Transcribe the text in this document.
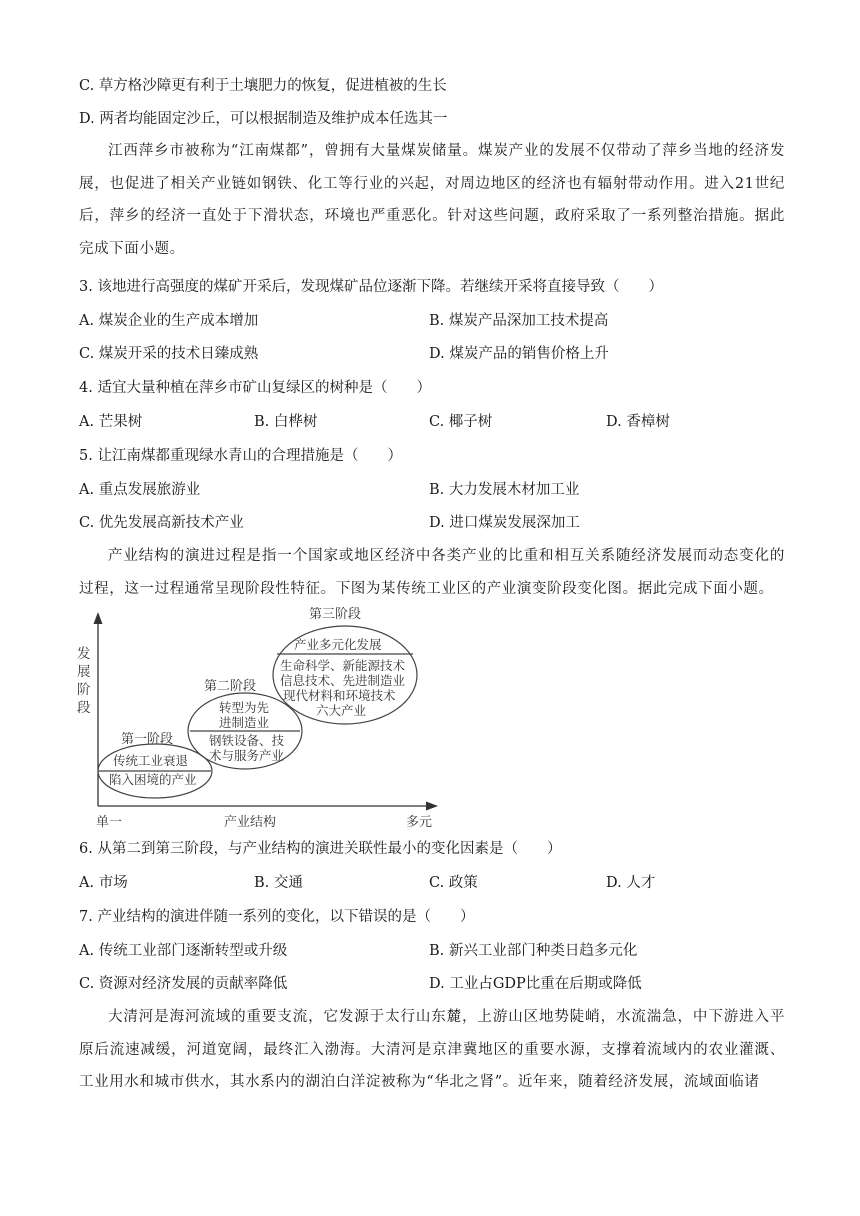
C. 草方格沙障更有利于土壤肥力的恢复，促进植被的生长
D. 两者均能固定沙丘，可以根据制造及维护成本任选其一
江西萍乡市被称为“江南煤都”，曾拥有大量煤炭储量。煤炭产业的发展不仅带动了萍乡当地的经济发展，也促进了相关产业链如钢铁、化工等行业的兴起，对周边地区的经济也有辐射带动作用。进入21世纪后，萍乡的经济一直处于下滑状态，环境也严重恶化。针对这些问题，政府采取了一系列整治措施。据此完成下面小题。
3. 该地进行高强度的煤矿开采后，发现煤矿品位逐渐下降。若继续开采将直接导致（　　）
A. 煤炭企业的生产成本增加	B. 煤炭产品深加工技术提高
C. 煤炭开采的技术日臻成熟	D. 煤炭产品的销售价格上升
4. 适宜大量种植在萍乡市矿山复绿区的树种是（　　）
A. 芒果树	B. 白桦树	C. 椰子树	D. 香樟树
5. 让江南煤都重现绿水青山的合理措施是（　　）
A. 重点发展旅游业	B. 大力发展木材加工业
C. 优先发展高新技术产业	D. 进口煤炭发展深加工
产业结构的演进过程是指一个国家或地区经济中各类产业的比重和相互关系随经济发展而动态变化的过程，这一过程通常呈现阶段性特征。下图为某传统工业区的产业演变阶段变化图。据此完成下面小题。
发展阶段
单一	产业结构	多元
第一阶段
传统工业衰退
陷入困境的产业
第二阶段
转型为先
进制造业
钢铁设备、技
术与服务产业
第三阶段
产业多元化发展
生命科学、新能源技术
信息技术、先进制造业
现代材料和环境技术
六大产业
6. 从第二到第三阶段，与产业结构的演进关联性最小的变化因素是（　　）
A. 市场	B. 交通	C. 政策	D. 人才
7. 产业结构的演进伴随一系列的变化，以下错误的是（　　）
A. 传统工业部门逐渐转型或升级	B. 新兴工业部门种类日趋多元化
C. 资源对经济发展的贡献率降低	D. 工业占GDP比重在后期或降低
大清河是海河流域的重要支流，它发源于太行山东麓，上游山区地势陡峭，水流湍急，中下游进入平原后流速减缓，河道宽阔，最终汇入渤海。大清河是京津冀地区的重要水源，支撑着流域内的农业灌溉、工业用水和城市供水，其水系内的湖泊白洋淀被称为“华北之肾”。近年来，随着经济发展，流域面临诸
